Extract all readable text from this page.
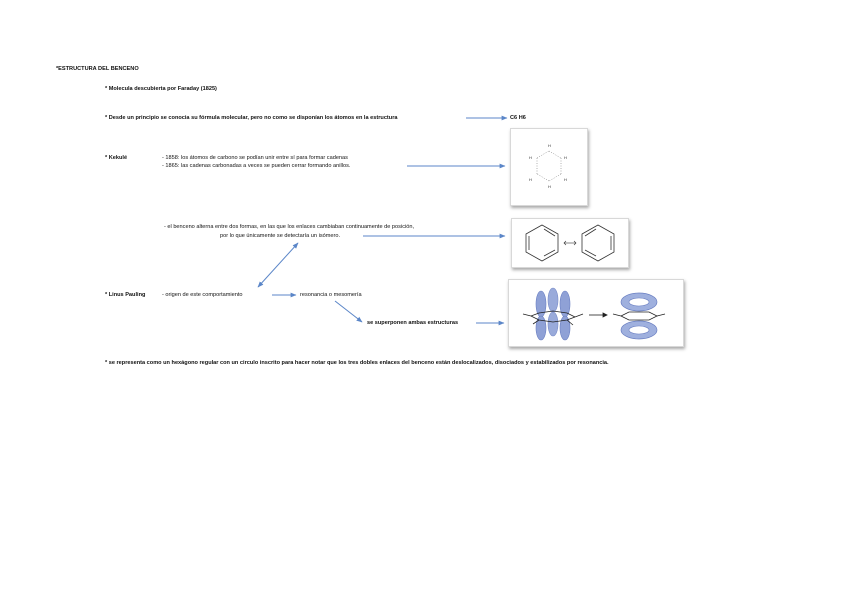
*ESTRUCTURA DEL BENCENO
* Molecula descubierta por Faraday (1825)
* Desde un principio se conocia su fórmula molecular, pero no como se disponían los átomos en la estructura	C6 H6
* Kekulé	- 1858: los átomos de carbono se podían unir entre sí para formar cadenas
- 1865: las cadenas carbonadas a veces se pueden cerrar formando anillos.
H
H
H
H
H
H
- el benceno alterna entre dos formas, en las que los enlaces cambiaban continuamente de posición,
por lo que únicamente se detectaría un isómero.
* Linus Pauling	- origen de este comportamiento	resonancia o mesomería
se superponen ambas estructuras
* se representa como un hexágono regular con un circulo inscrito para hacer notar que los tres dobles enlaces del benceno están deslocalizados, disociados y estabilizados por resonancia.
